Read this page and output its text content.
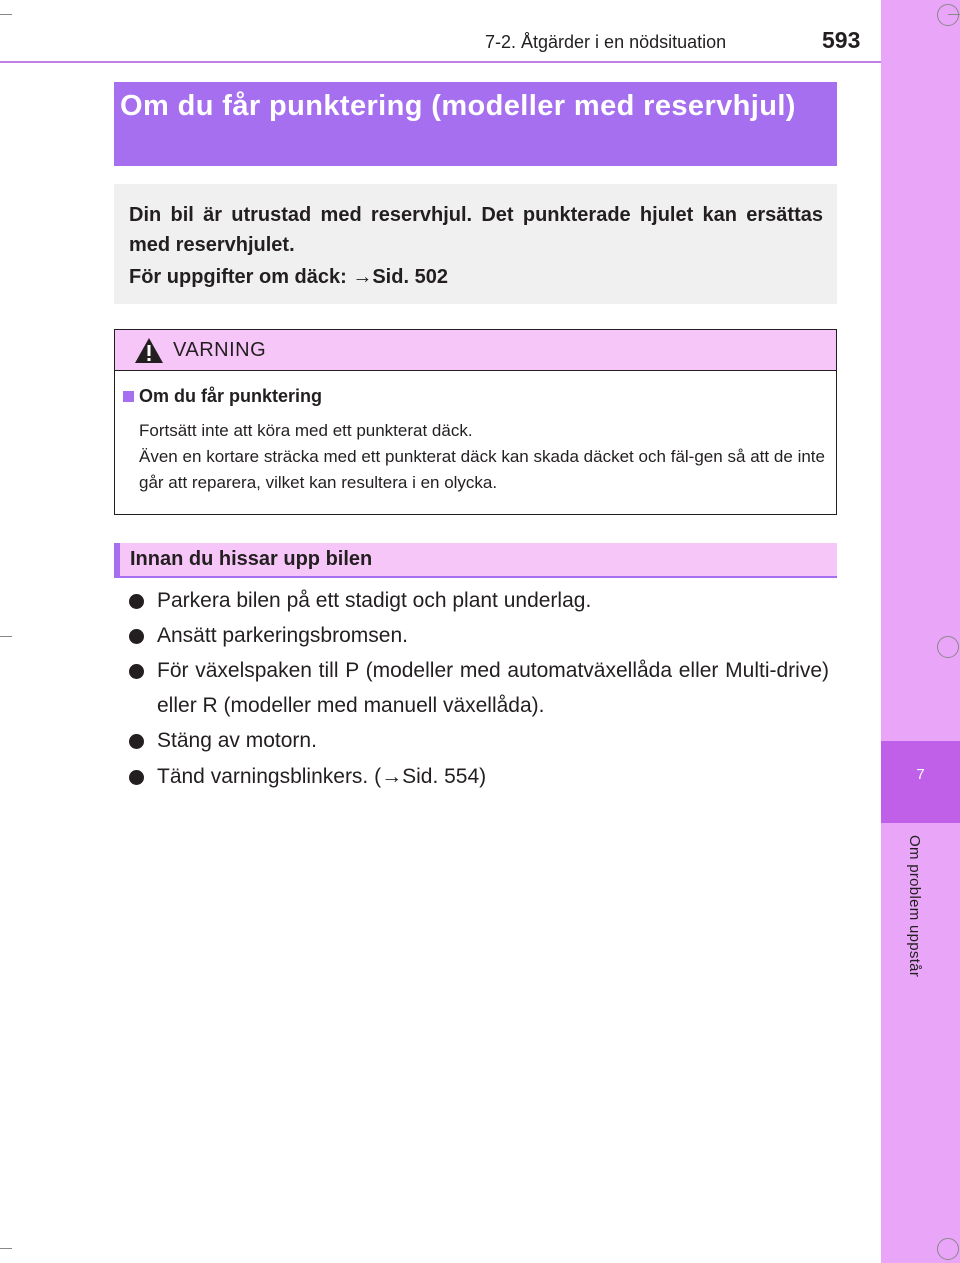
7
Om problem uppstår
7-2. Åtgärder i en nödsituation	593
Om du får punktering (modeller med reservhjul)
Din bil är utrustad med reservhjul. Det punkterade hjulet kan ersättas med reservhjulet.
För uppgifter om däck: →Sid. 502
VARNING
Om du får punktering

Fortsätt inte att köra med ett punkterat däck.

Även en kortare sträcka med ett punkterat däck kan skada däcket och fäl-gen så att de inte går att reparera, vilket kan resultera i en olycka.

Innan du hissar upp bilen
Parkera bilen på ett stadigt och plant underlag.
Ansätt parkeringsbromsen.
För växelspaken till P (modeller med automatväxellåda eller Multi-drive) eller R (modeller med manuell växellåda).
Stäng av motorn.
Tänd varningsblinkers. (→Sid. 554)
